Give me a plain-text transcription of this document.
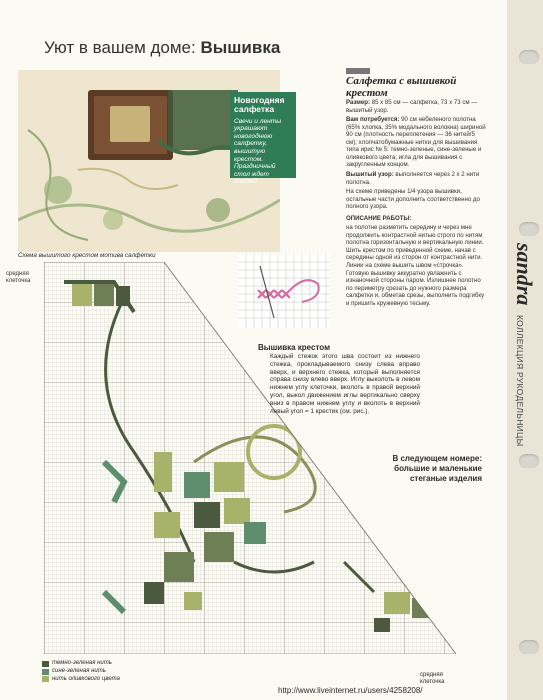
Уют в вашем доме: Вышивка
Новогодняя салфетка
Свечи и ленты украшают новогоднюю салфетку, вышитую крестом. Праздничный стол ждет гостей.
Салфетка с вышивкой крестом

Размер: 85 х 85 см — салфетка, 73 х 73 см — вышитый узор.

Вам потребуется: 90 см небеленого полотна (65% хлопка, 35% модального волокна) шириной 90 см (плотность переплетения — 36 нитей/5 см); хлопчатобумажные нитки для вышивания типа ирис № 5: темно-зеленые, сине-зеленые и оливкового цвета; игла для вышивания с закругленным концом.

Вышитый узор: выполняется через 2 х 2 нити полотна.

На схеме приведены 1/4 узора вышивки, остальные части дополнить соответственно до полного узора.

ОПИСАНИЕ РАБОТЫ:

на полотне разметить середину и через мне продолжить контрастной нитью строго по нитям полотна горизонтальную и вертикальную линии. Шить крестом по приведенной схеме, начав с середины одной из сторон от контрастной нити. Линии на схеме вышить швом «строчка». Готовую вышивку аккуратно увлажнить с изнаночной стороны паром. Излишнее полотно по периметру срезать до нужного размера салфетки и, обметав срезы, выполнить подгибку и пришить кружевную тесьму.	sandra
КОЛЛЕКЦИЯ РУКОДЕЛЬНИЦЫ
Схема вышитого крестом мотива салфетки
средняя клеточка
Вышивка крестом
Каждый стежок этого шва состоит из нижнего стежка, прокладываемого снизу слева вправо вверх, и верхнего стежка, который выполняется справа снизу влево вверх. Иглу выколоть в левом нижнем углу клеточки, вколоть в правой верхний угол, выкол движением иглы вертикально сверху вниз в правом нижнем углу и вколоть в верхний левый угол = 1 крестик (см. рис.).
В следующем номере:
большие и маленькие стеганые изделия
темно-зеленая нить
сине-зеленая нить
нить оливкового цвета
средняя клеточка
http://www.liveinternet.ru/users/4258208/
